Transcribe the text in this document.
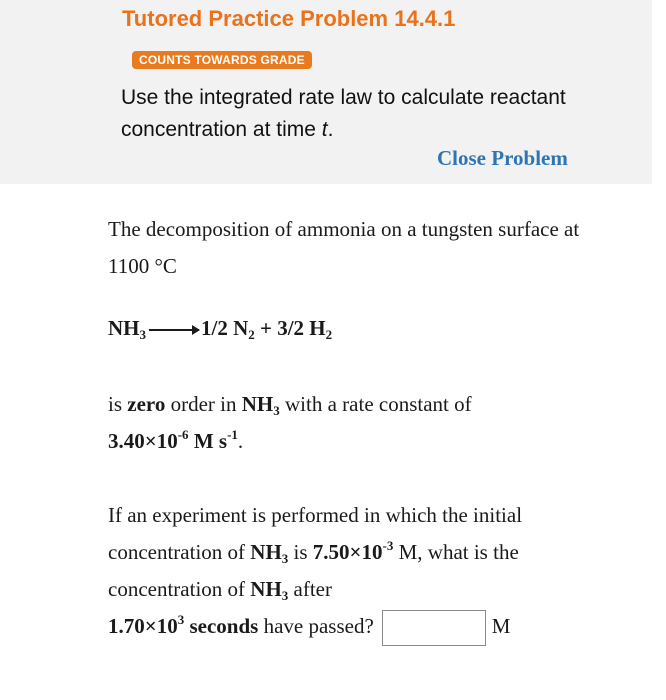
Tutored Practice Problem 14.4.1
COUNTS TOWARDS GRADE
Use the integrated rate law to calculate reactant concentration at time t.
Close Problem
The decomposition of ammonia on a tungsten surface at 1100 °C
$NH_3 \to 1/2$ $N_2 + 3/2$ $H_2$
is zero order in $NH_3$ with a rate constant of
$3.40\times 10^{-6}$ M $s^{-1}$.
If an experiment is performed in which the initial concentration of $NH_3$ is $7.50\times 10^{-3}$ M, what is the concentration of $NH_3$ after
$1.70\times 10^3$ seconds have passed?	M
